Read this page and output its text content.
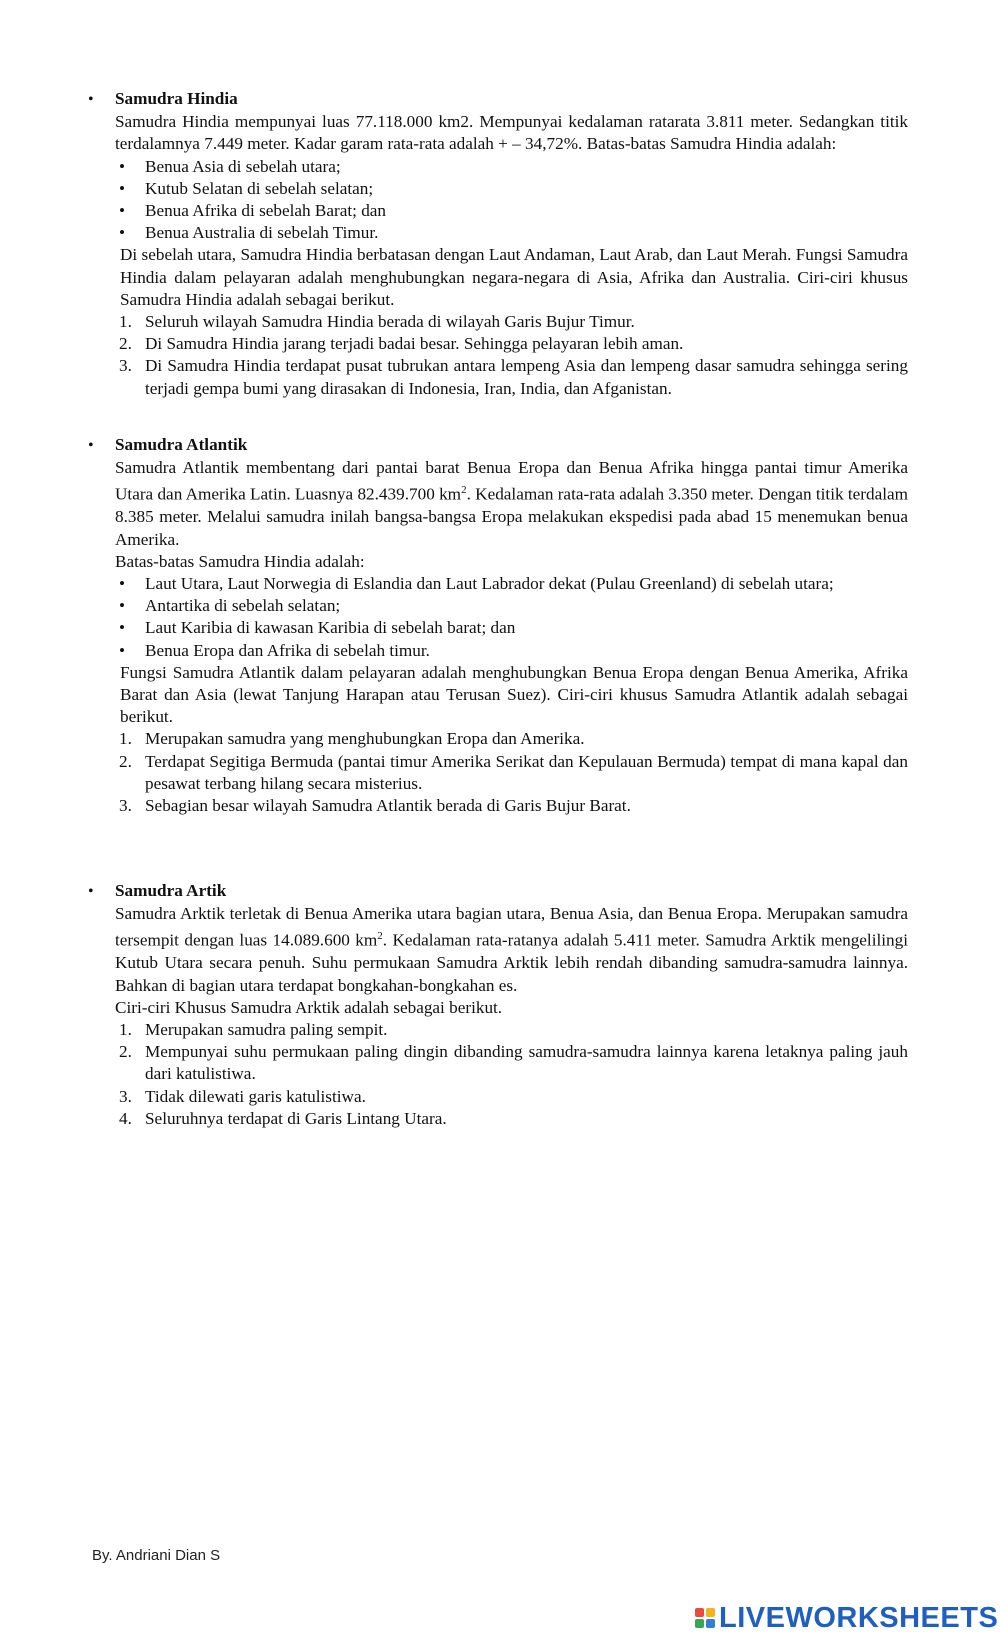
•	Samudra Hindia

Samudra Hindia mempunyai luas 77.118.000 km2. Mempunyai kedalaman ratarata 3.811 meter. Sedangkan titik terdalamnya 7.449 meter. Kadar garam rata-rata adalah + – 34,72%. Batas-batas Samudra Hindia adalah:

•	Benua Asia di sebelah utara;
•	Kutub Selatan di sebelah selatan;
•	Benua Afrika di sebelah Barat; dan
•	Benua Australia di sebelah Timur.

Di sebelah utara, Samudra Hindia berbatasan dengan Laut Andaman, Laut Arab, dan Laut Merah. Fungsi Samudra Hindia dalam pelayaran adalah menghubungkan negara-negara di Asia, Afrika dan Australia. Ciri-ciri khusus Samudra Hindia adalah sebagai berikut.

1. Seluruh wilayah Samudra Hindia berada di wilayah Garis Bujur Timur.
2. Di Samudra Hindia jarang terjadi badai besar. Sehingga pelayaran lebih aman.
3. Di Samudra Hindia terdapat pusat tubrukan antara lempeng Asia dan lempeng dasar samudra sehingga sering terjadi gempa bumi yang dirasakan di Indonesia, Iran, India, dan Afganistan.
•	Samudra Atlantik

Samudra Atlantik membentang dari pantai barat Benua Eropa dan Benua Afrika hingga pantai timur Amerika Utara dan Amerika Latin. Luasnya 82.439.700 $km^2$. Kedalaman rata-rata adalah 3.350 meter. Dengan titik terdalam 8.385 meter. Melalui samudra inilah bangsa-bangsa Eropa melakukan ekspedisi pada abad 15 menemukan benua Amerika.

Batas-batas Samudra Hindia adalah:

•	Laut Utara, Laut Norwegia di Eslandia dan Laut Labrador dekat (Pulau Greenland) di sebelah utara;
•	Antartika di sebelah selatan;
•	Laut Karibia di kawasan Karibia di sebelah barat; dan
•	Benua Eropa dan Afrika di sebelah timur.

Fungsi Samudra Atlantik dalam pelayaran adalah menghubungkan Benua Eropa dengan Benua Amerika, Afrika Barat dan Asia (lewat Tanjung Harapan atau Terusan Suez). Ciri-ciri khusus Samudra Atlantik adalah sebagai berikut.

1. Merupakan samudra yang menghubungkan Eropa dan Amerika.
2. Terdapat Segitiga Bermuda (pantai timur Amerika Serikat dan Kepulauan Bermuda) tempat di mana kapal dan pesawat terbang hilang secara misterius.
3. Sebagian besar wilayah Samudra Atlantik berada di Garis Bujur Barat.
•	Samudra Artik

Samudra Arktik terletak di Benua Amerika utara bagian utara, Benua Asia, dan Benua Eropa. Merupakan samudra tersempit dengan luas 14.089.600 $km^2$. Kedalaman rata-ratanya adalah 5.411 meter. Samudra Arktik mengelilingi Kutub Utara secara penuh. Suhu permukaan Samudra Arktik lebih rendah dibanding samudra-samudra lainnya. Bahkan di bagian utara terdapat bongkahan-bongkahan es.

Ciri-ciri Khusus Samudra Arktik adalah sebagai berikut.

1. Merupakan samudra paling sempit.
2. Mempunyai suhu permukaan paling dingin dibanding samudra-samudra lainnya karena letaknya paling jauh dari katulistiwa.
3. Tidak dilewati garis katulistiwa.
4. Seluruhnya terdapat di Garis Lintang Utara.
By. Andriani Dian S
LIVEWORKSHEETS
